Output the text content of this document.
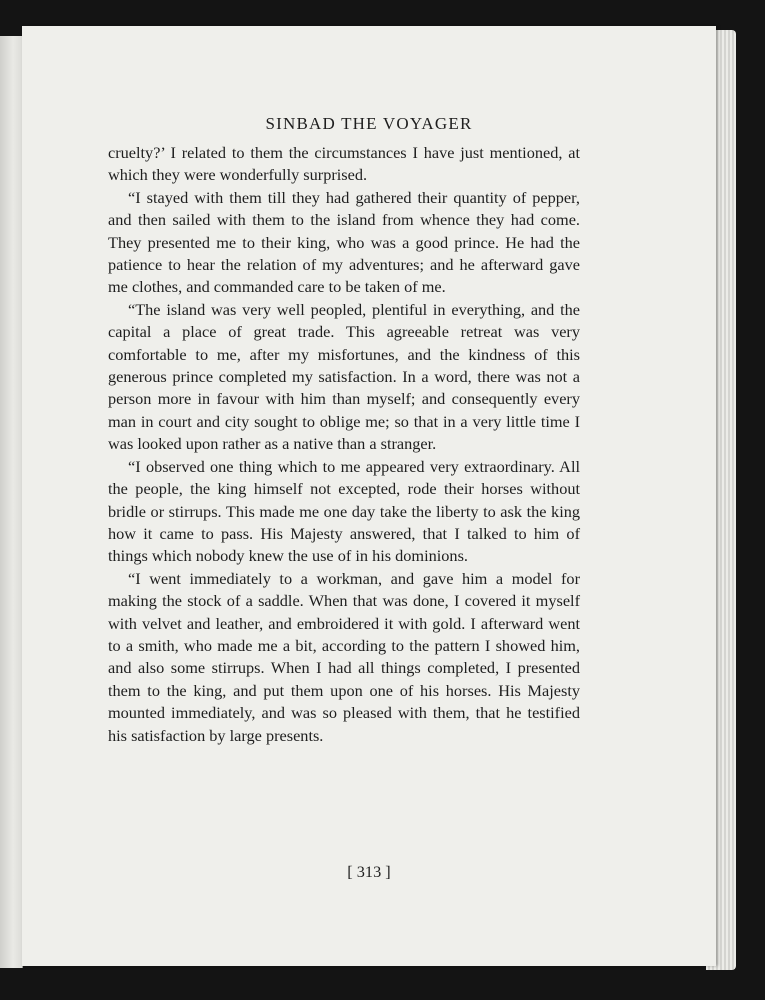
SINBAD THE VOYAGER

cruelty?’ I related to them the circumstances I have just mentioned, at which they were wonderfully surprised.

“I stayed with them till they had gathered their quantity of pepper, and then sailed with them to the island from whence they had come. They presented me to their king, who was a good prince. He had the patience to hear the relation of my adventures; and he afterward gave me clothes, and commanded care to be taken of me.

“The island was very well peopled, plentiful in everything, and the capital a place of great trade. This agreeable retreat was very comfortable to me, after my misfortunes, and the kindness of this generous prince completed my satisfaction. In a word, there was not a person more in favour with him than myself; and consequently every man in court and city sought to oblige me; so that in a very little time I was looked upon rather as a native than a stranger.

“I observed one thing which to me appeared very extraordinary. All the people, the king himself not excepted, rode their horses without bridle or stirrups. This made me one day take the liberty to ask the king how it came to pass. His Majesty answered, that I talked to him of things which nobody knew the use of in his dominions.

“I went immediately to a workman, and gave him a model for making the stock of a saddle. When that was done, I covered it myself with velvet and leather, and embroidered it with gold. I afterward went to a smith, who made me a bit, according to the pattern I showed him, and also some stirrups. When I had all things completed, I presented them to the king, and put them upon one of his horses. His Majesty mounted immediately, and was so pleased with them, that he testified his satisfaction by large presents.

[ 313 ]
